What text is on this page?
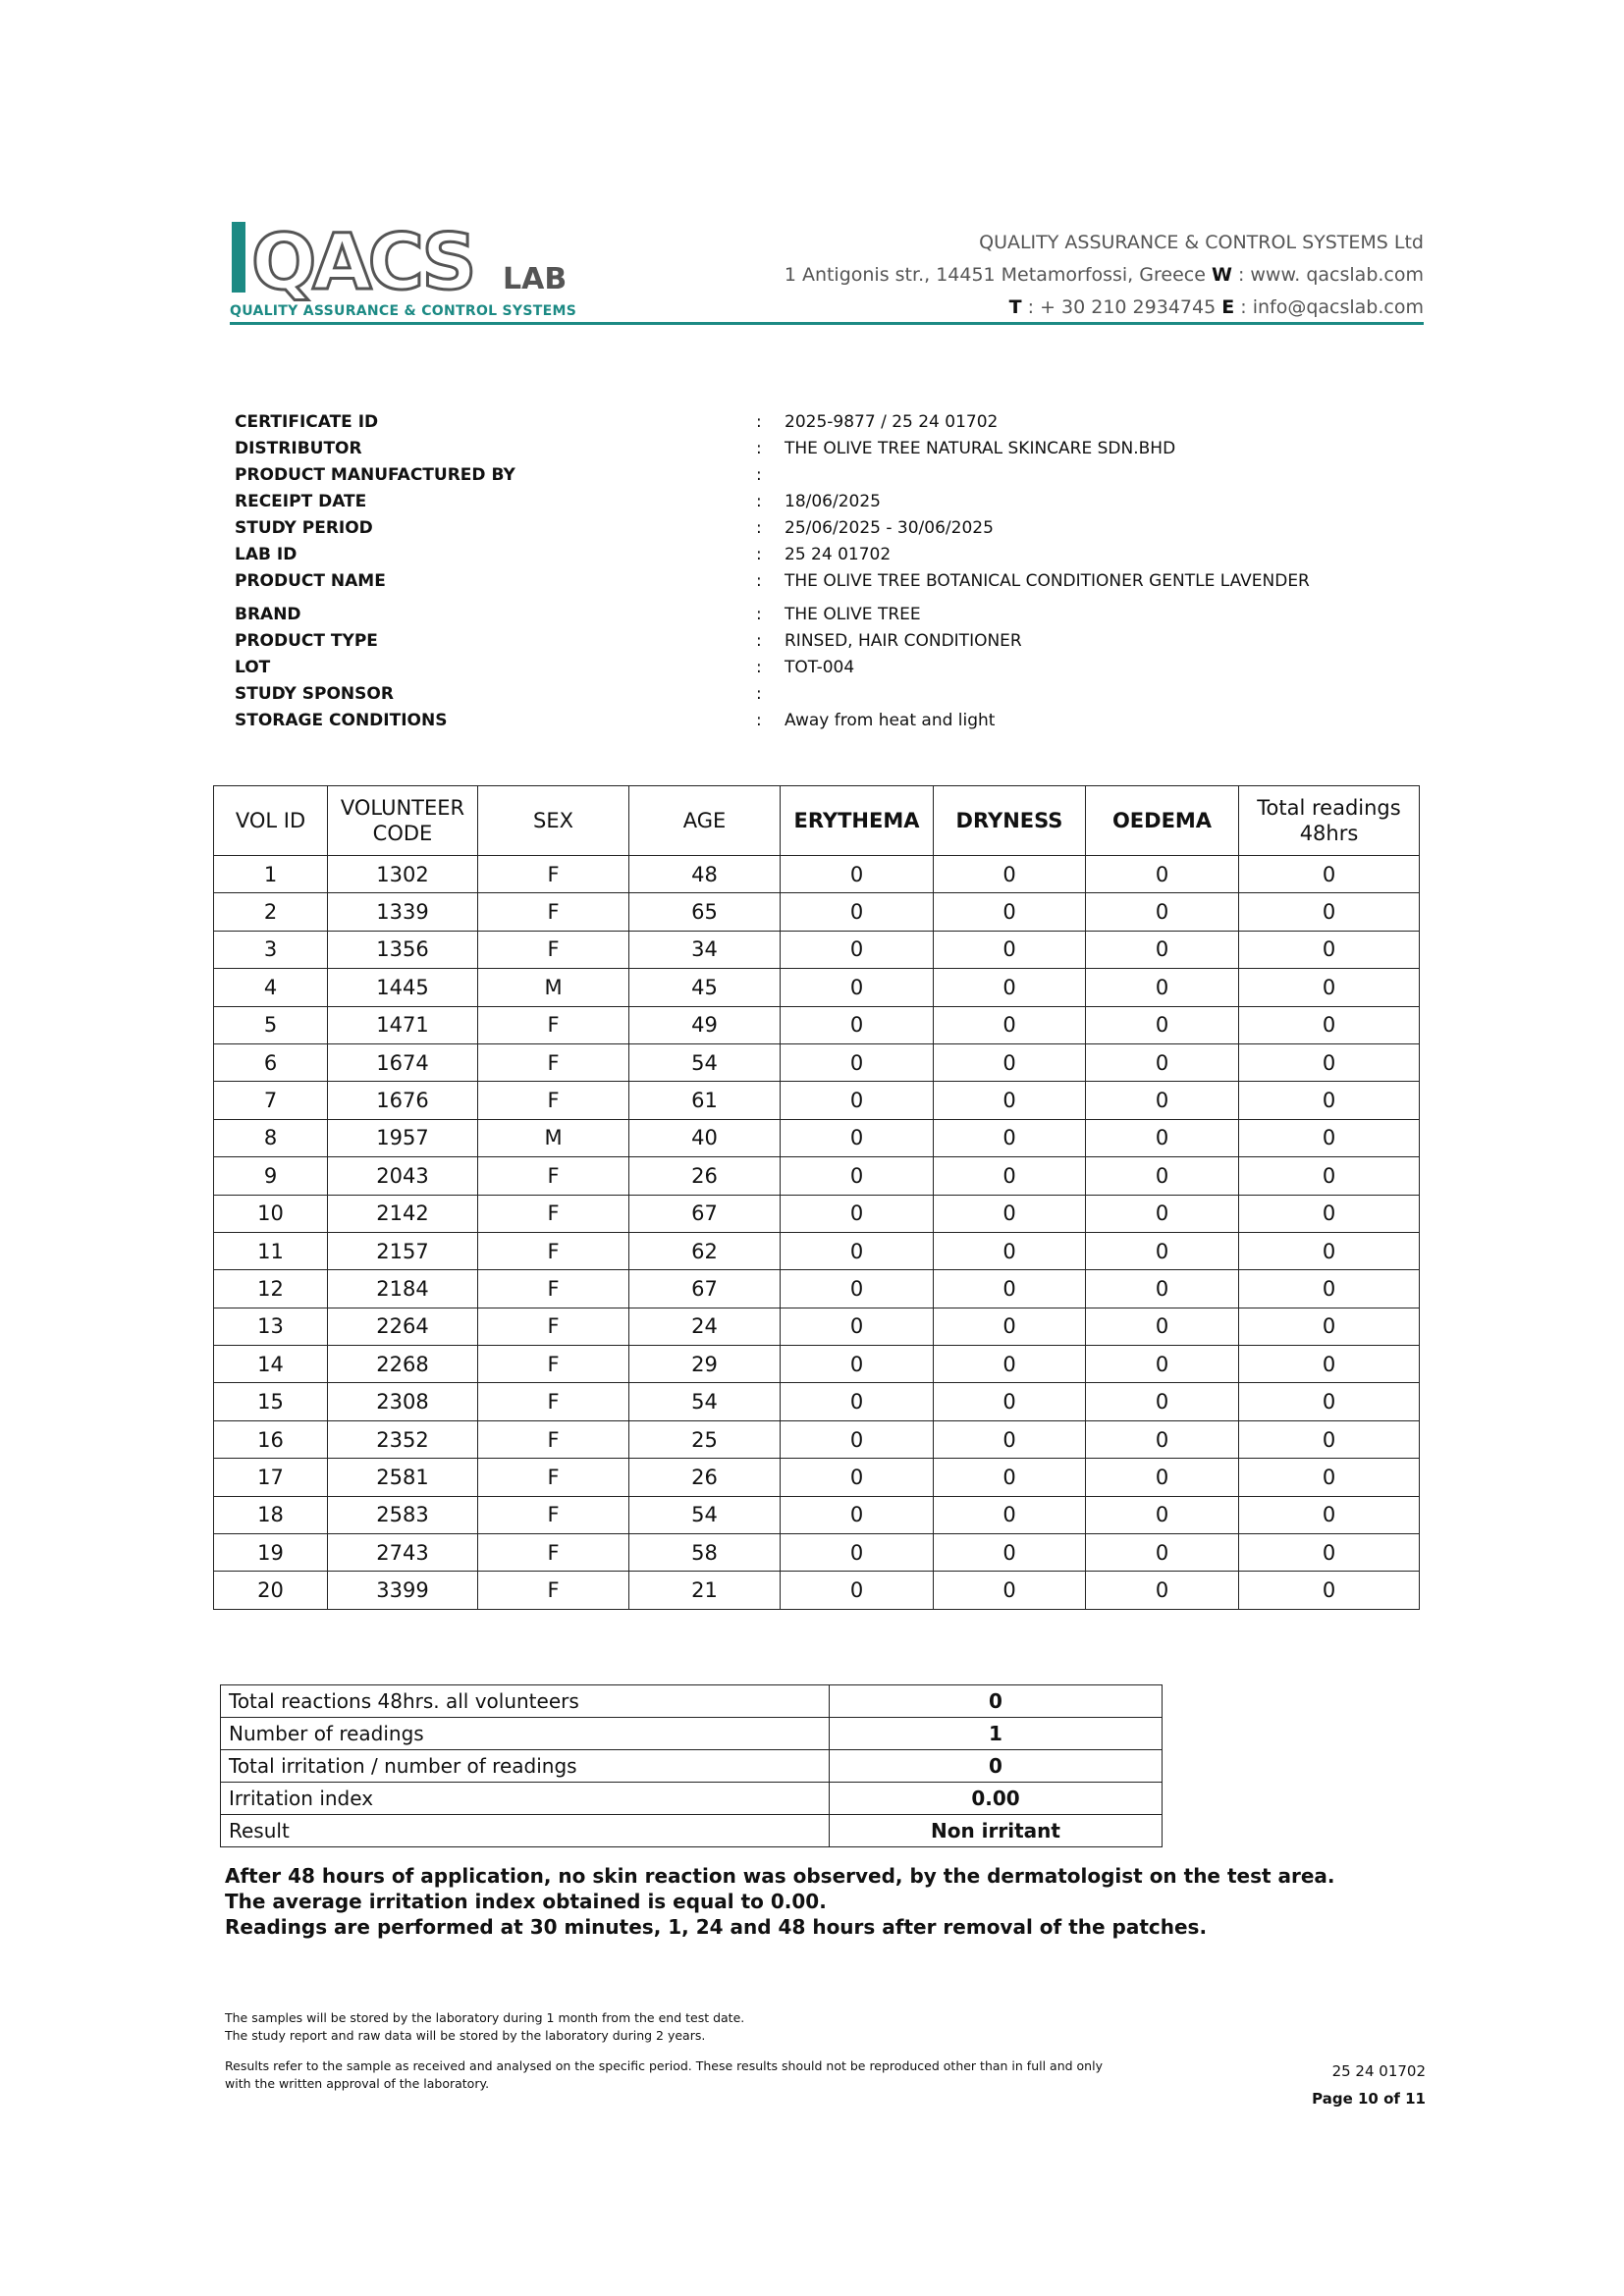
QACS LAB
QUALITY ASSURANCE & CONTROL SYSTEMS
QUALITY ASSURANCE & CONTROL SYSTEMS Ltd
1 Antigonis str., 14451 Metamorfossi, Greece W : www. qacslab.com
T : + 30 210 2934745 E : info@qacslab.com
CERTIFICATE ID	: 2025-9877 / 25 24 01702
DISTRIBUTOR	: THE OLIVE TREE NATURAL SKINCARE SDN.BHD
PRODUCT MANUFACTURED BY	:
RECEIPT DATE	: 18/06/2025
STUDY PERIOD	: 25/06/2025 - 30/06/2025
LAB ID	: 25 24 01702
PRODUCT NAME	: THE OLIVE TREE BOTANICAL CONDITIONER GENTLE LAVENDER
BRAND	: THE OLIVE TREE
PRODUCT TYPE	: RINSED, HAIR CONDITIONER
LOT	: TOT-004
STUDY SPONSOR	:
STORAGE CONDITIONS	: Away from heat and light
VOL ID	VOLUNTEER CODE	SEX	AGE	ERYTHEMA	DRYNESS	OEDEMA	Total readings 48hrs
1	1302	F	48	0	0	0	0
2	1339	F	65	0	0	0	0
3	1356	F	34	0	0	0	0
4	1445	M	45	0	0	0	0
5	1471	F	49	0	0	0	0
6	1674	F	54	0	0	0	0
7	1676	F	61	0	0	0	0
8	1957	M	40	0	0	0	0
9	2043	F	26	0	0	0	0
10	2142	F	67	0	0	0	0
11	2157	F	62	0	0	0	0
12	2184	F	67	0	0	0	0
13	2264	F	24	0	0	0	0
14	2268	F	29	0	0	0	0
15	2308	F	54	0	0	0	0
16	2352	F	25	0	0	0	0
17	2581	F	26	0	0	0	0
18	2583	F	54	0	0	0	0
19	2743	F	58	0	0	0	0
20	3399	F	21	0	0	0	0
Total reactions 48hrs. all volunteers	0
Number of readings	1
Total irritation / number of readings	0
Irritation index	0.00
Result	Non irritant
After 48 hours of application, no skin reaction was observed, by the dermatologist on the test area.
The average irritation index obtained is equal to 0.00.
Readings are performed at 30 minutes, 1, 24 and 48 hours after removal of the patches.
The samples will be stored by the laboratory during 1 month from the end test date.
The study report and raw data will be stored by the laboratory during 2 years.
Results refer to the sample as received and analysed on the specific period. These results should not be reproduced other than in full and only
with the written approval of the laboratory.
25 24 01702
Page 10 of 11
